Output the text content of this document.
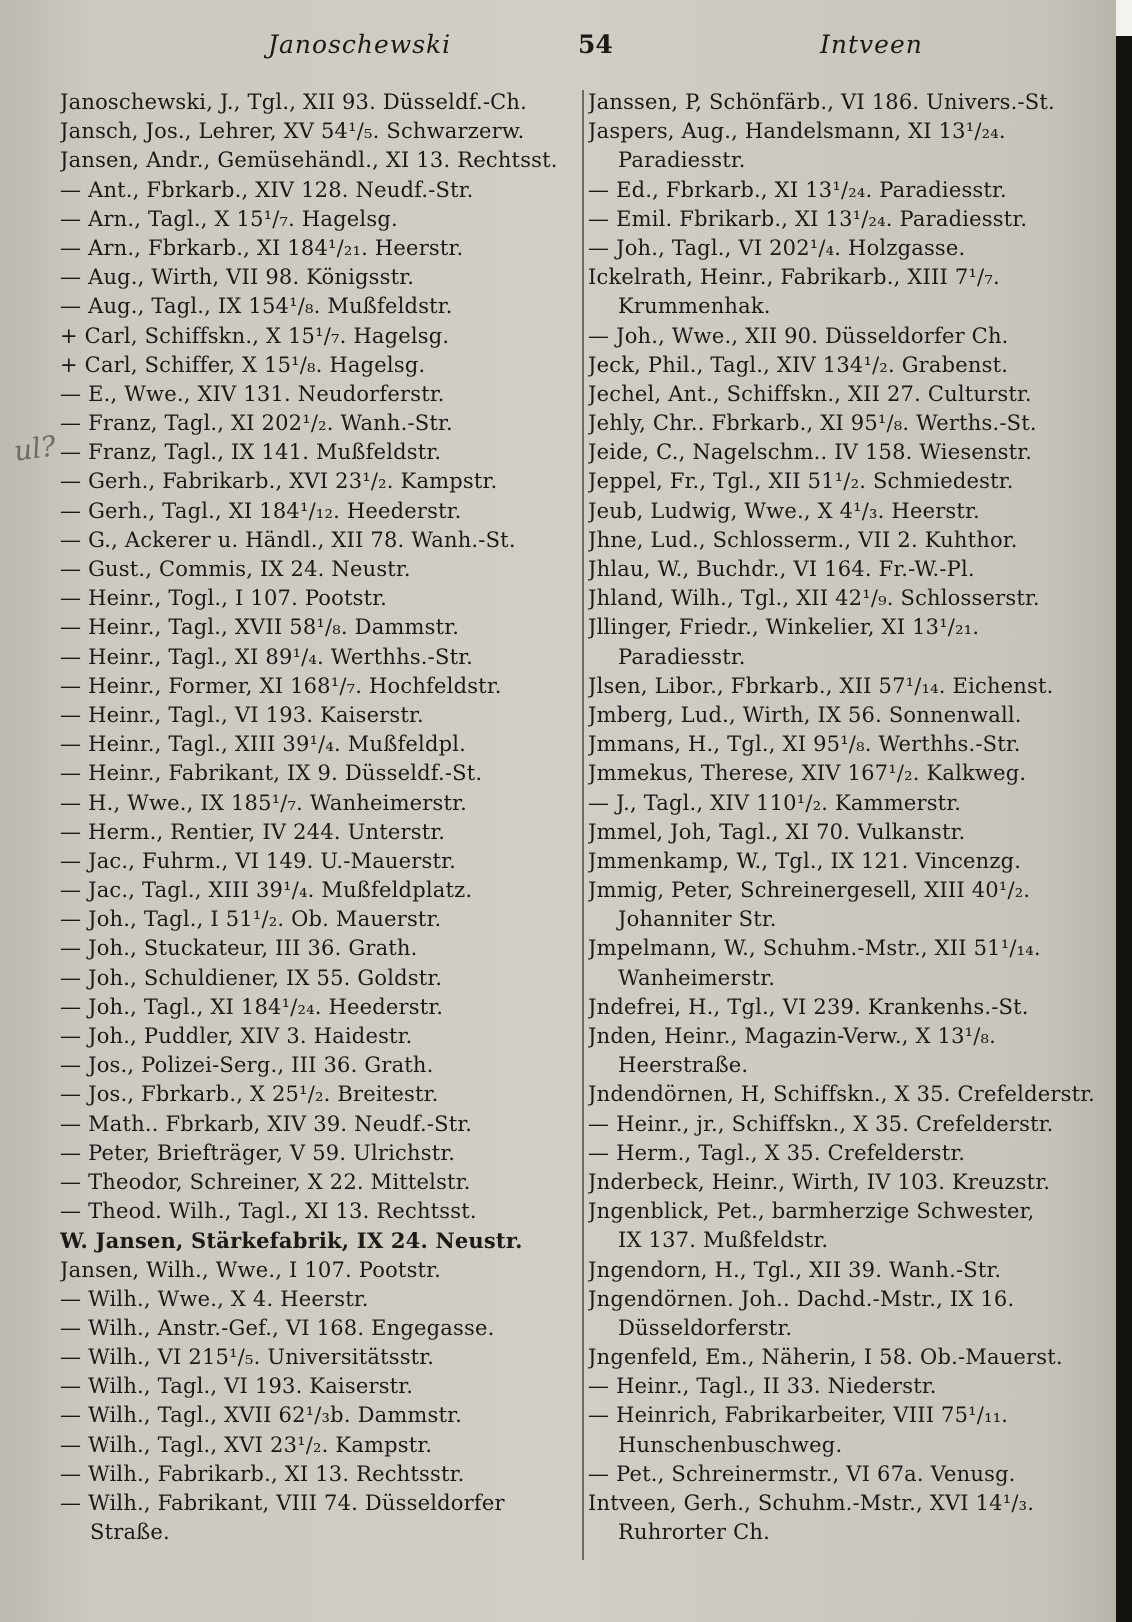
Janoschewski	54	Intveen
ul?
Janoschewski, J., Tgl., XII 93. Düsseldf.-Ch.
Jansch, Jos., Lehrer, XV 54¹/₅. Schwarzerw.
Jansen, Andr., Gemüsehändl., XI 13. Rechtsst.
— Ant., Fbrkarb., XIV 128. Neudf.-Str.
— Arn., Tagl., X 15¹/₇. Hagelsg.
— Arn., Fbrkarb., XI 184¹/₂₁. Heerstr.
— Aug., Wirth, VII 98. Königsstr.
— Aug., Tagl., IX 154¹/₈. Mußfeldstr.
+ Carl, Schiffskn., X 15¹/₇. Hagelsg.
+ Carl, Schiffer, X 15¹/₈. Hagelsg.
— E., Wwe., XIV 131. Neudorferstr.
— Franz, Tagl., XI 202¹/₂. Wanh.-Str.
— Franz, Tagl., IX 141. Mußfeldstr.
— Gerh., Fabrikarb., XVI 23¹/₂. Kampstr.
— Gerh., Tagl., XI 184¹/₁₂. Heederstr.
— G., Ackerer u. Händl., XII 78. Wanh.-St.
— Gust., Commis, IX 24. Neustr.
— Heinr., Togl., I 107. Pootstr.
— Heinr., Tagl., XVII 58¹/₈. Dammstr.
— Heinr., Tagl., XI 89¹/₄. Werthhs.-Str.
— Heinr., Former, XI 168¹/₇. Hochfeldstr.
— Heinr., Tagl., VI 193. Kaiserstr.
— Heinr., Tagl., XIII 39¹/₄. Mußfeldpl.
— Heinr., Fabrikant, IX 9. Düsseldf.-St.
— H., Wwe., IX 185¹/₇. Wanheimerstr.
— Herm., Rentier, IV 244. Unterstr.
— Jac., Fuhrm., VI 149. U.-Mauerstr.
— Jac., Tagl., XIII 39¹/₄. Mußfeldplatz.
— Joh., Tagl., I 51¹/₂. Ob. Mauerstr.
— Joh., Stuckateur, III 36. Grath.
— Joh., Schuldiener, IX 55. Goldstr.
— Joh., Tagl., XI 184¹/₂₄. Heederstr.
— Joh., Puddler, XIV 3. Haidestr.
— Jos., Polizei-Serg., III 36. Grath.
— Jos., Fbrkarb., X 25¹/₂. Breitestr.
— Math.. Fbrkarb, XIV 39. Neudf.-Str.
— Peter, Briefträger, V 59. Ulrichstr.
— Theodor, Schreiner, X 22. Mittelstr.
— Theod. Wilh., Tagl., XI 13. Rechtsst.
W. Jansen, Stärkefabrik, IX 24. Neustr.
Jansen, Wilh., Wwe., I 107. Pootstr.
— Wilh., Wwe., X 4. Heerstr.
— Wilh., Anstr.-Gef., VI 168. Engegasse.
— Wilh., VI 215¹/₅. Universitätsstr.
— Wilh., Tagl., VI 193. Kaiserstr.
— Wilh., Tagl., XVII 62¹/₃b. Dammstr.
— Wilh., Tagl., XVI 23¹/₂. Kampstr.
— Wilh., Fabrikarb., XI 13. Rechtsstr.
— Wilh., Fabrikant, VIII 74. Düsseldorfer
Straße.
Janssen, P, Schönfärb., VI 186. Univers.-St.
Jaspers, Aug., Handelsmann, XI 13¹/₂₄.
Paradiesstr.
— Ed., Fbrkarb., XI 13¹/₂₄. Paradiesstr.
— Emil. Fbrikarb., XI 13¹/₂₄. Paradiesstr.
— Joh., Tagl., VI 202¹/₄. Holzgasse.
Ickelrath, Heinr., Fabrikarb., XIII 7¹/₇.
Krummenhak.
— Joh., Wwe., XII 90. Düsseldorfer Ch.
Jeck, Phil., Tagl., XIV 134¹/₂. Grabenst.
Jechel, Ant., Schiffskn., XII 27. Culturstr.
Jehly, Chr.. Fbrkarb., XI 95¹/₈. Werths.-St.
Jeide, C., Nagelschm.. IV 158. Wiesenstr.
Jeppel, Fr., Tgl., XII 51¹/₂. Schmiedestr.
Jeub, Ludwig, Wwe., X 4¹/₃. Heerstr.
Jhne, Lud., Schlosserm., VII 2. Kuhthor.
Jhlau, W., Buchdr., VI 164. Fr.-W.-Pl.
Jhland, Wilh., Tgl., XII 42¹/₉. Schlosserstr.
Jllinger, Friedr., Winkelier, XI 13¹/₂₁.
Paradiesstr.
Jlsen, Libor., Fbrkarb., XII 57¹/₁₄. Eichenst.
Jmberg, Lud., Wirth, IX 56. Sonnenwall.
Jmmans, H., Tgl., XI 95¹/₈. Werthhs.-Str.
Jmmekus, Therese, XIV 167¹/₂. Kalkweg.
— J., Tagl., XIV 110¹/₂. Kammerstr.
Jmmel, Joh, Tagl., XI 70. Vulkanstr.
Jmmenkamp, W., Tgl., IX 121. Vincenzg.
Jmmig, Peter, Schreinergesell, XIII 40¹/₂.
Johanniter Str.
Jmpelmann, W., Schuhm.-Mstr., XII 51¹/₁₄.
Wanheimerstr.
Jndefrei, H., Tgl., VI 239. Krankenhs.-St.
Jnden, Heinr., Magazin-Verw., X 13¹/₈.
Heerstraße.
Jndendörnen, H, Schiffskn., X 35. Crefelderstr.
— Heinr., jr., Schiffskn., X 35. Crefelderstr.
— Herm., Tagl., X 35. Crefelderstr.
Jnderbeck, Heinr., Wirth, IV 103. Kreuzstr.
Jngenblick, Pet., barmherzige Schwester,
IX 137. Mußfeldstr.
Jngendorn, H., Tgl., XII 39. Wanh.-Str.
Jngendörnen. Joh.. Dachd.-Mstr., IX 16.
Düsseldorferstr.
Jngenfeld, Em., Näherin, I 58. Ob.-Mauerst.
— Heinr., Tagl., II 33. Niederstr.
— Heinrich, Fabrikarbeiter, VIII 75¹/₁₁.
Hunschenbuschweg.
— Pet., Schreinermstr., VI 67a. Venusg.
Intveen, Gerh., Schuhm.-Mstr., XVI 14¹/₃.
Ruhrorter Ch.
